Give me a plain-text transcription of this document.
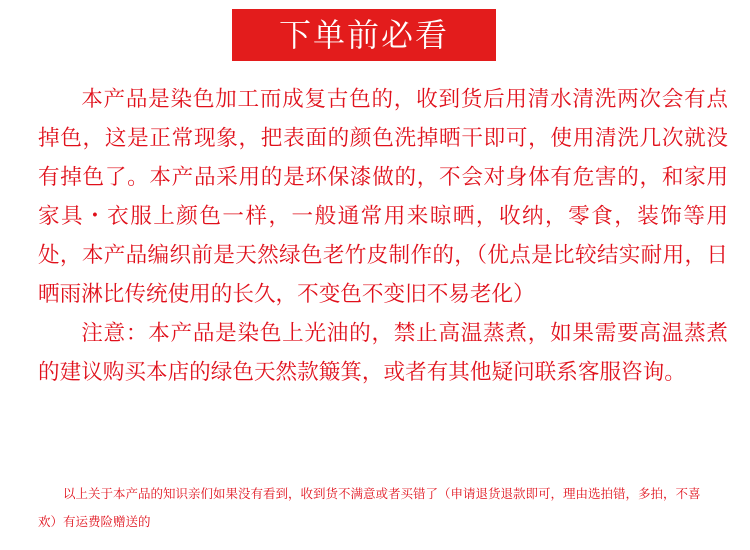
下单前必看

本产品是染色加工而成复古色的，收到货后用清水清洗两次会有点掉色，这是正常现象，把表面的颜色洗掉晒干即可，使用清洗几次就没有掉色了。本产品采用的是环保漆做的，不会对身体有危害的，和家用家具・衣服上颜色一样，一般通常用来晾晒，收纳，零食，装饰等用处，本产品编织前是天然绿色老竹皮制作的，（优点是比较结实耐用，日晒雨淋比传统使用的长久，不变色不变旧不易老化）

注意：本产品是染色上光油的，禁止高温蒸煮，如果需要高温蒸煮的建议购买本店的绿色天然款簸箕，或者有其他疑问联系客服咨询。

以上关于本产品的知识亲们如果没有看到，收到货不满意或者买错了（申请退货退款即可，理由选拍错，多拍，不喜欢）有运费险赠送的
